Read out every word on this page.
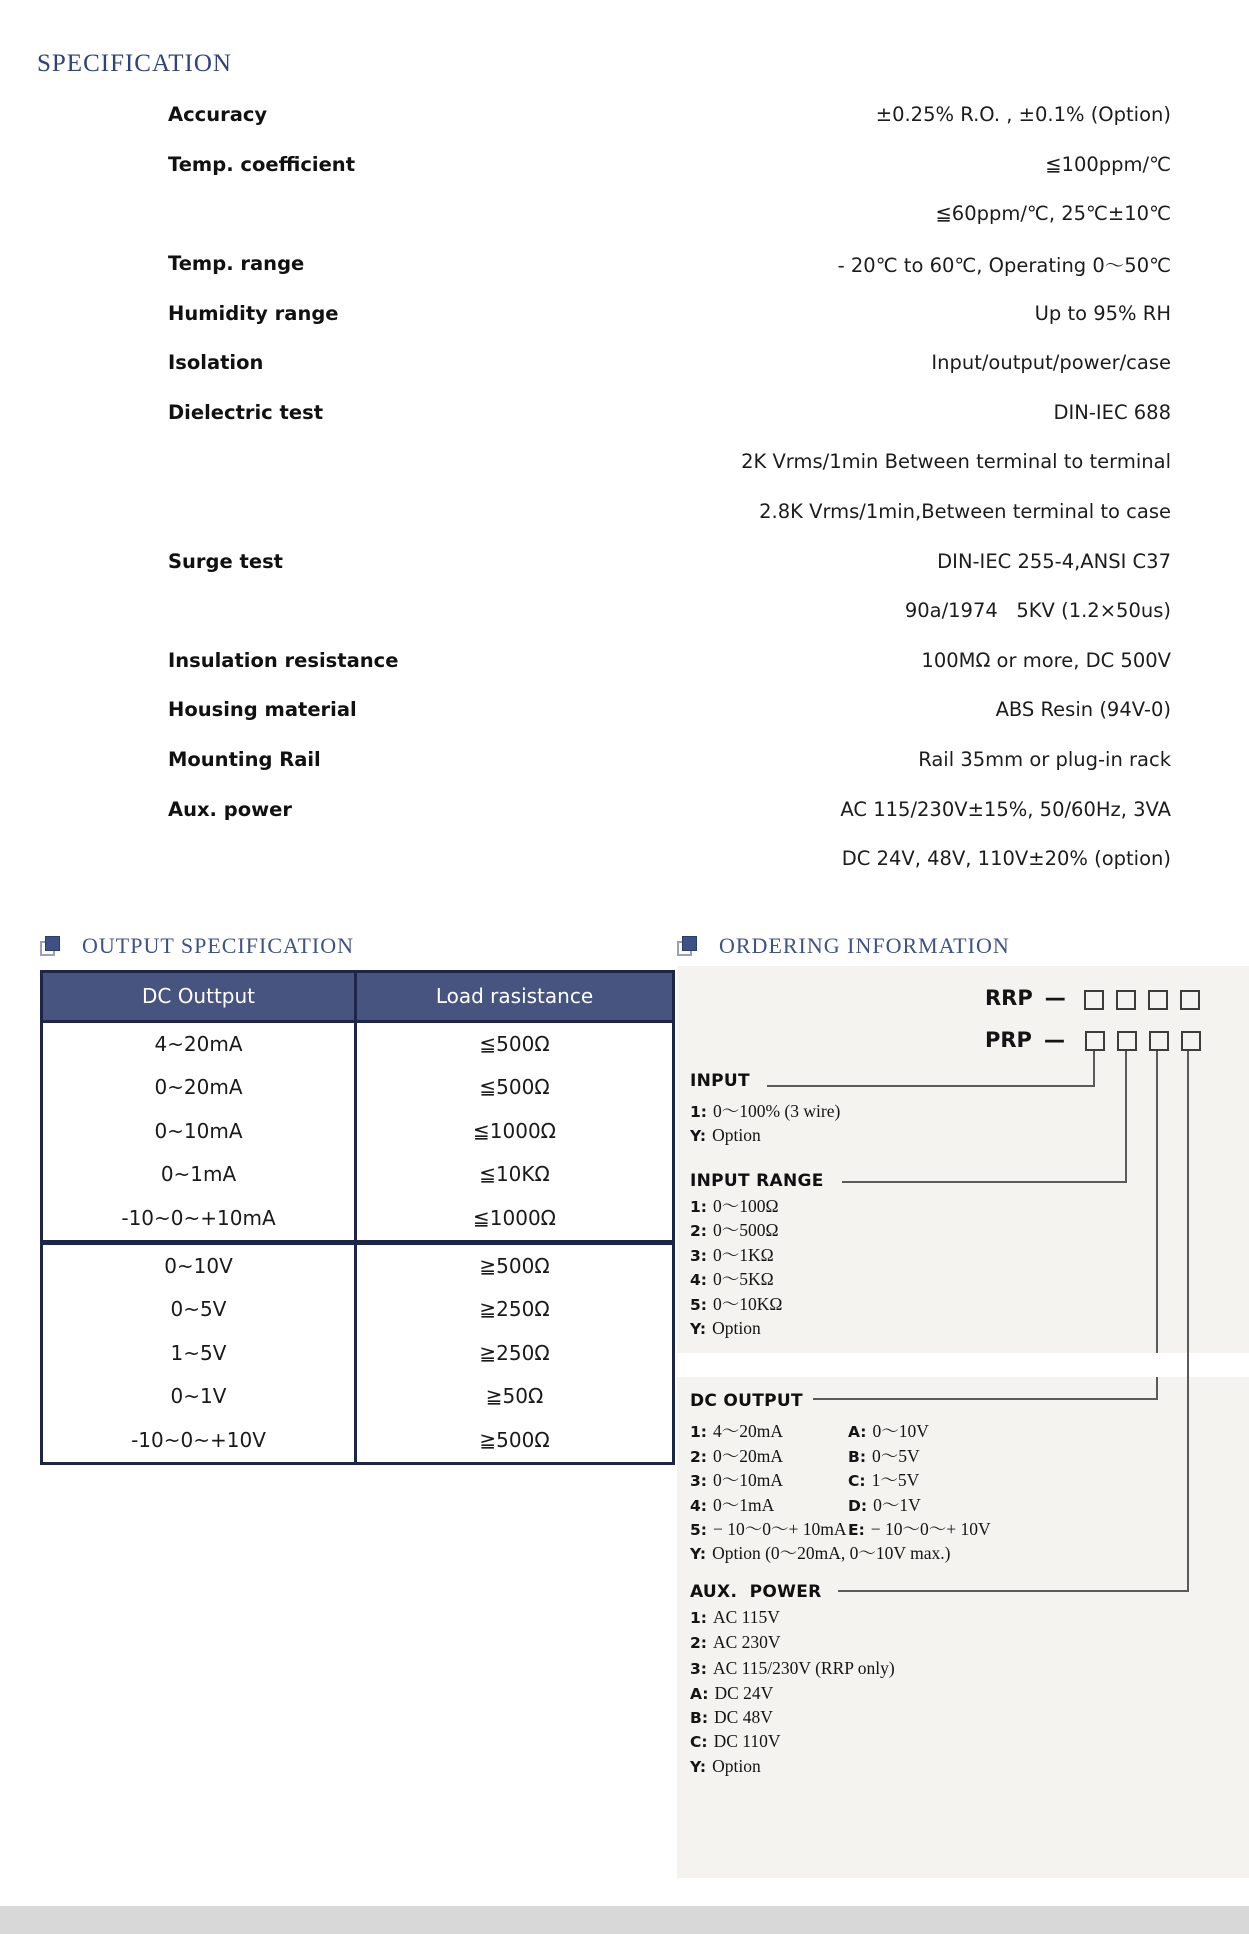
SPECIFICATION
Accuracy	±0.25% R.O. , ±0.1% (Option)
Temp. coefficient	≦100ppm/℃
≦60ppm/℃, 25℃±10℃
Temp. range	- 20℃ to 60℃, Operating 0～50℃
Humidity range	Up to 95% RH
Isolation	Input/output/power/case
Dielectric test	DIN-IEC 688
2K Vrms/1min Between terminal to terminal
2.8K Vrms/1min,Between terminal to case
Surge test	DIN-IEC 255-4,ANSI C37
90a/1974   5KV (1.2×50us)
Insulation resistance	100MΩ or more, DC 500V
Housing material	ABS Resin (94V-0)
Mounting Rail	Rail 35mm or plug-in rack
Aux. power	AC 115/230V±15%, 50/60Hz, 3VA
DC 24V, 48V, 110V±20% (option)
OUTPUT SPECIFICATION	ORDERING INFORMATION
DC Outtput	Load rasistance
4~20mA	≦500Ω
0~20mA	≦500Ω
0~10mA	≦1000Ω
0~1mA	≦10KΩ
-10~0~+10mA	≦1000Ω
0~10V	≧500Ω
0~5V	≧250Ω
1~5V	≧250Ω
0~1V	≧50Ω
-10~0~+10V	≧500Ω
RRP —
PRP —
INPUT
1: 0～100% (3 wire)
Y: Option
INPUT RANGE
1: 0～100Ω
2: 0～500Ω
3: 0～1KΩ
4: 0～5KΩ
5: 0～10KΩ
Y: Option
DC OUTPUT
1: 4～20mA
2: 0～20mA
3: 0～10mA
4: 0～1mA
5: − 10～0～+ 10mA
Y: Option (0～20mA, 0～10V max.)
A: 0～10V
B: 0～5V
C: 1～5V
D: 0～1V
E: − 10～0～+ 10V
AUX.  POWER
1: AC 115V
2: AC 230V
3: AC 115/230V (RRP only)
A: DC 24V
B: DC 48V
C: DC 110V
Y: Option
